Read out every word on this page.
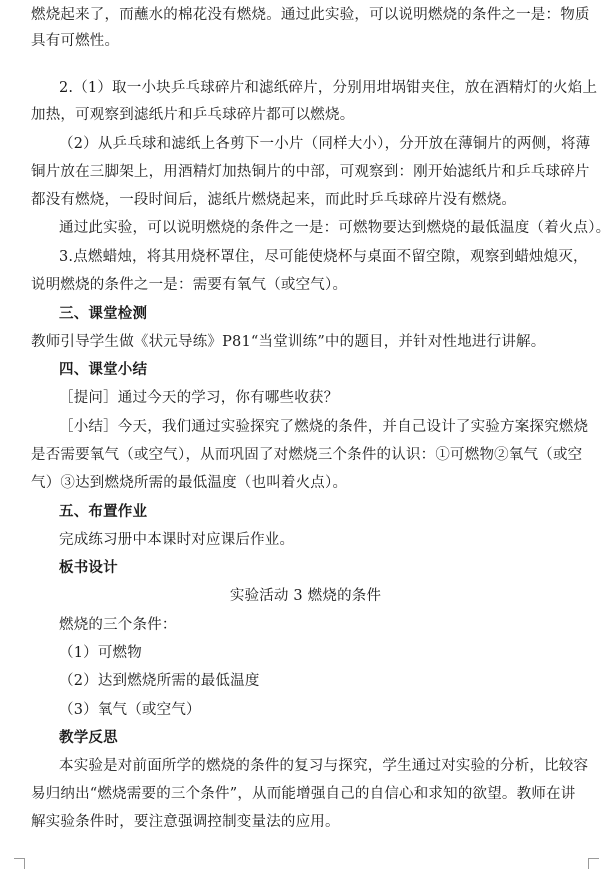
燃烧起来了，而蘸水的棉花没有燃烧。通过此实验，可以说明燃烧的条件之一是：物质
具有可燃性。
2.（1）取一小块乒乓球碎片和滤纸碎片，分别用坩埚钳夹住，放在酒精灯的火焰上
加热，可观察到滤纸片和乒乓球碎片都可以燃烧。
（2）从乒乓球和滤纸上各剪下一小片（同样大小），分开放在薄铜片的两侧，将薄
铜片放在三脚架上，用酒精灯加热铜片的中部，可观察到：刚开始滤纸片和乒乓球碎片
都没有燃烧，一段时间后，滤纸片燃烧起来，而此时乒乓球碎片没有燃烧。
通过此实验，可以说明燃烧的条件之一是：可燃物要达到燃烧的最低温度（着火点）。
3.点燃蜡烛，将其用烧杯罩住，尽可能使烧杯与桌面不留空隙，观察到蜡烛熄灭，
说明燃烧的条件之一是：需要有氧气（或空气）。
三、课堂检测
教师引导学生做《状元导练》P81“当堂训练”中的题目，并针对性地进行讲解。
四、课堂小结
［提问］通过今天的学习，你有哪些收获？
［小结］今天，我们通过实验探究了燃烧的条件，并自己设计了实验方案探究燃烧
是否需要氧气（或空气），从而巩固了对燃烧三个条件的认识：①可燃物②氧气（或空
气）③达到燃烧所需的最低温度（也叫着火点）。
五、布置作业
完成练习册中本课时对应课后作业。
板书设计
实验活动 3 燃烧的条件
燃烧的三个条件：
（1）可燃物
（2）达到燃烧所需的最低温度
（3）氧气（或空气）
教学反思
本实验是对前面所学的燃烧的条件的复习与探究，学生通过对实验的分析，比较容
易归纳出“燃烧需要的三个条件”，从而能增强自己的自信心和求知的欲望。教师在讲
解实验条件时，要注意强调控制变量法的应用。
